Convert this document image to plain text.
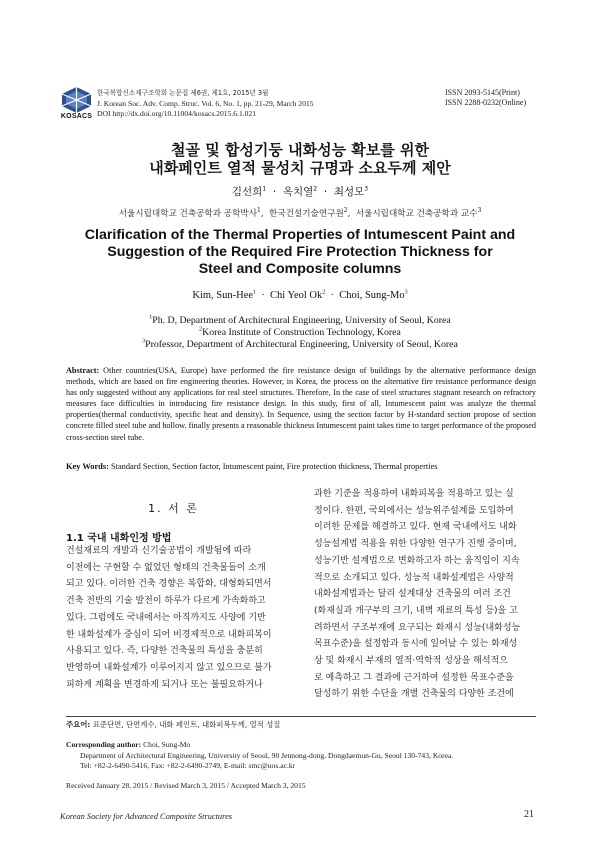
KOSACS
한국복합신소재구조학회 논문집 제6권, 제1호, 2015년 3월
J. Korean Soc. Adv. Comp. Struc. Vol. 6, No. 1, pp. 21-29, March 2015
DOI http://dx.doi.org/10.11004/kosacs.2015.6.1.021
ISSN 2093-5145(Print)
ISSN 2288-0232(Online)
철골 및 합성기둥 내화성능 확보를 위한
내화페인트 열적 물성치 규명과 소요두께 제안
김선희$^1$ · 옥치열$^2$ · 최성모$^3$
서울시립대학교 건축공학과 공학박사$^1$,  한국건설기술연구원$^2$,  서울시립대학교 건축공학과 교수$^3$
Clarification of the Thermal Properties of Intumescent Paint and
Suggestion of the Required Fire Protection Thickness for
Steel and Composite columns
Kim, Sun-Hee$^1$ · Chi Yeol $Ok^2$ · Choi, Sung-Mo$^3$
$^1$Ph. D, Department of Architectural Engineering, University of Seoul, Korea
$^2$Korea Institute of Construction Technology, Korea
$^3$Professor, Department of Architectural Engineering, University of Seoul, Korea
Abstract: Other countries(USA, Europe) have performed the fire resistance design of buildings by the alternative performance design methods, which are based on fire engineering theories. However, in Korea, the process on the alternative fire resistance performance design has only suggested without any applications for real steel structures. Therefore, In the case of steel structures stagnant research on refractory measures face difficulties in introducing fire resistance design. In this study, first of all, Intumescent paint was analyze the thermal properties(thermal conductivity, specific heat and density). In Sequence, using the section factor by H-standard section propose of section concrete filled steel tube and hollow. finally presents a reasonable thickness Intumescent paint takes time to target performance of the proposed cross-section steel tube.
Key Words: Standard Section, Section factor, Intumescent paint, Fire protection thickness, Thermal properties
1. 서 론
1.1 국내 내화인정 방법
건설재료의 개발과 신기술공법이 개발됨에 따라
이전에는 구현할 수 없었던 형태의 건축물들이 소개
되고 있다. 이러한 건축 경향은 복합화, 대형화되면서
건축 전반의 기술 발전이 하루가 다르게 가속화하고
있다. 그럼에도 국내에서는 아직까지도 사양에 기반
한 내화설계가 중심이 되어 비경제적으로 내화피복이
사용되고 있다. 즉, 다양한 건축물의 특성을 충분히
반영하여 내화설계가 이루어지지 않고 있으므로 불가
피하게 계획을 변경하게 되거나 또는 불필요하거나
과한 기준을 적용하여 내화피복을 적용하고 있는 실
정이다. 한편, 국외에서는 성능위주설계를 도입하여
이러한 문제를 해결하고 있다. 현재 국내에서도 내화
성능설계법 적용을 위한 다양한 연구가 진행 중이며,
성능기반 설계법으로 변화하고자 하는 움직임이 지속
적으로 소개되고 있다. 성능적 내화설계법은 사양적
내화설계법과는 달리 설계대상 건축물의 여러 조건
(화재실과 개구부의 크기, 내벽 재료의 특성 등)을 고
려하면서 구조부재에 요구되는 화재시 성능(내화성능
목표수준)을 설정함과 동시에 일어날 수 있는 화재성
상 및 화재시 부재의 열적·역학적 성상을 해석적으
로 예측하고 그 결과에 근거하여 설정한 목표수준을
달성하기 위한 수단을 개별 건축물의 다양한 조건에
주요어: 표준단면, 단면계수, 내화 페인트, 내화피복두께, 열적 성질
Corresponding author: Choi, Sung-Mo
Department of Architectural Engineering, University of Seoul, 90 Jennong-dong, Dongdaemun-Gu, Seoul 130-743, Korea.
Tel: +82-2-6490-5416, Fax: +82-2-6490-2749, E-mail: smc@uos.ac.kr
Received January 28, 2015 / Revised March 3, 2015 / Accepted March 3, 2015
Korean Society for Advanced Composite Structures	21
